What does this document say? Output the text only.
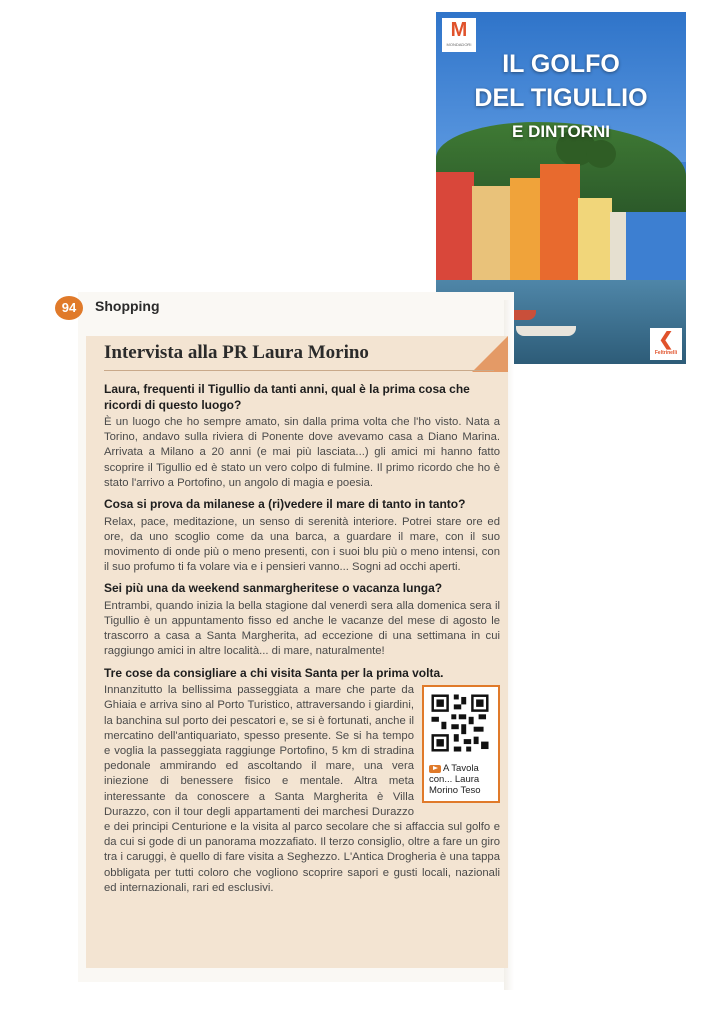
M
MONDADORI
IL GOLFO
DEL TIGULLIO
E DINTORNI
❮
Feltrinelli
94	Shopping
Intervista alla PR Laura Morino

Laura, frequenti il Tigullio da tanti anni, qual è la prima cosa che ricordi di questo luogo?

È un luogo che ho sempre amato, sin dalla prima volta che l'ho visto. Nata a Torino, andavo sulla riviera di Ponente dove avevamo casa a Diano Marina. Arrivata a Milano a 20 anni (e mai più lasciata...) gli amici mi hanno fatto scoprire il Tigullio ed è stato un vero colpo di fulmine. Il primo ricordo che ho è stato l'arrivo a Portofino, un angolo di magia e poesia.

Cosa si prova da milanese a (ri)vedere il mare di tanto in tanto?

Relax, pace, meditazione, un senso di serenità interiore. Potrei stare ore ed ore, da uno scoglio come da una barca, a guardare il mare, con il suo movimento di onde più o meno presenti, con i suoi blu più o meno intensi, con il suo profumo ti fa volare via e i pensieri vanno... Sogni ad occhi aperti.

Sei più una da weekend sanmargheritese o vacanza lunga?

Entrambi, quando inizia la bella stagione dal venerdì sera alla domenica sera il Tigullio è un appuntamento fisso ed anche le vacanze del mese di agosto le trascorro a casa a Santa Margherita, ad eccezione di una settimana in cui raggiungo amici in altre località... di mare, naturalmente!

Tre cose da consigliare a chi visita Santa per la prima volta.

A Tavola con... Laura Morino Teso

Innanzitutto la bellissima passeggiata a mare che parte da Ghiaia e arriva sino al Porto Turistico, attraversando i giardini, la banchina sul porto dei pescatori e, se si è fortunati, anche il mercatino dell'antiquariato, spesso presente. Se si ha tempo e voglia la passeggiata raggiunge Portofino, 5 km di stradina pedonale ammirando ed ascoltando il mare, una vera iniezione di benessere fisico e mentale. Altra meta interessante da conoscere a Santa Margherita è Villa Durazzo, con il tour degli appartamenti dei marchesi Durazzo e dei principi Centurione e la visita al parco secolare che si affaccia sul golfo e da cui si gode di un panorama mozzafiato. Il terzo consiglio, oltre a fare un giro tra i caruggi, è quello di fare visita a Seghezzo. L'Antica Drogheria è una tappa obbligata per tutti coloro che vogliono scoprire sapori e gusti locali, nazionali ed internazionali, rari ed esclusivi.
